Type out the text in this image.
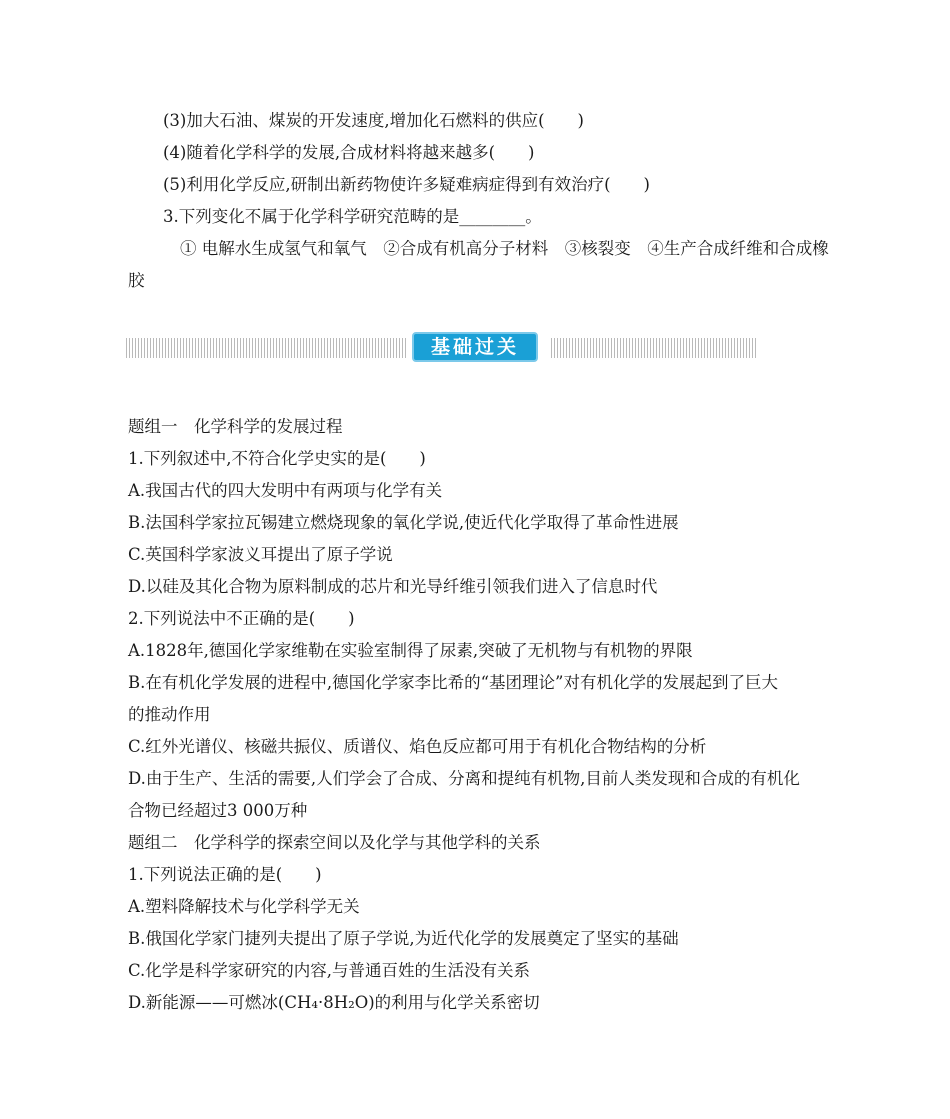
(3)加大石油、煤炭的开发速度,增加化石燃料的供应(　　)
(4)随着化学科学的发展,合成材料将越来越多(　　)
(5)利用化学反应,研制出新药物使许多疑难病症得到有效治疗(　　)
3.下列变化不属于化学科学研究范畴的是________。
① 电解水生成氢气和氧气　②合成有机高分子材料　③核裂变　④生产合成纤维和合成橡
胶
基础过关
题组一　化学科学的发展过程
1.下列叙述中,不符合化学史实的是(　　)
A.我国古代的四大发明中有两项与化学有关
B.法国科学家拉瓦锡建立燃烧现象的氧化学说,使近代化学取得了革命性进展
C.英国科学家波义耳提出了原子学说
D.以硅及其化合物为原料制成的芯片和光导纤维引领我们进入了信息时代
2.下列说法中不正确的是(　　)
A.1828年,德国化学家维勒在实验室制得了尿素,突破了无机物与有机物的界限
B.在有机化学发展的进程中,德国化学家李比希的“基团理论”对有机化学的发展起到了巨大
的推动作用
C.红外光谱仪、核磁共振仪、质谱仪、焰色反应都可用于有机化合物结构的分析
D.由于生产、生活的需要,人们学会了合成、分离和提纯有机物,目前人类发现和合成的有机化
合物已经超过3 000万种
题组二　化学科学的探索空间以及化学与其他学科的关系
1.下列说法正确的是(　　)
A.塑料降解技术与化学科学无关
B.俄国化学家门捷列夫提出了原子学说,为近代化学的发展奠定了坚实的基础
C.化学是科学家研究的内容,与普通百姓的生活没有关系
D.新能源——可燃冰(CH₄·8H₂O)的利用与化学关系密切
